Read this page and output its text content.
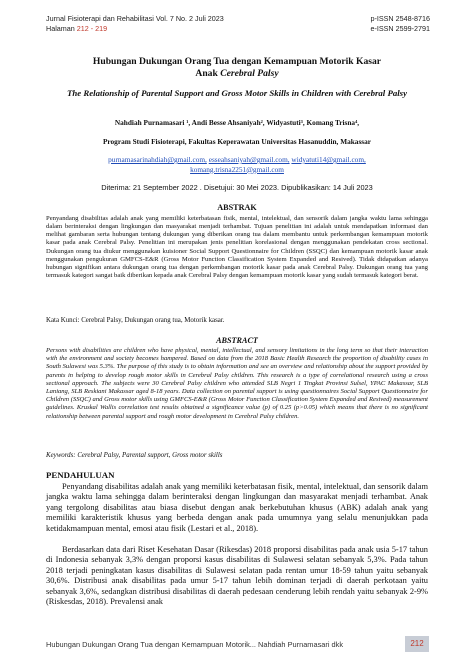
Jurnal Fisioterapi dan Rehabilitasi Vol. 7 No. 2 Juli 2023
Halaman 212 - 219
p-ISSN 2548-8716
e-ISSN 2599-2791
Hubungan Dukungan Orang Tua dengan Kemampuan Motorik Kasar
Anak Cerebral Palsy
The Relationship of Parental Support and Gross Motor Skills in Children with Cerebral Palsy
Nahdiah Purnamasari ¹, Andi Besse Ahsaniyah², Widyastuti³, Komang Trisna⁴,
Program Studi Fisioterapi, Fakultas Keperawatan Universitas Hasanuddin, Makassar
purnamasarinahdiah@gmail.com, esseahsaniyah@gmail.com, widyatuti14@gmail.com,
komang.trisna2251@gmail.com
Diterima: 21 September 2022 . Disetujui: 30 Mei 2023. Dipublikasikan: 14 Juli 2023
ABSTRAK
Penyandang disabilitas adalah anak yang memiliki keterbatasan fisik, mental, intelektual, dan sensorik dalam jangka waktu lama sehingga dalam berinteraksi dengan lingkungan dan masyarakat menjadi terhambat. Tujuan penelitian ini adalah untuk mendapatkan informasi dan melihat gambaran serta hubungan tentang dukungan yang diberikan orang tua dalam membantu untuk perkembangan kemampuan motorik kasar pada anak Cerebral Palsy. Penelitian ini merupakan jenis penelitian korelasional dengan menggunakan pendekatan cross sectional. Dukungan orang tua diukur menggunakan kuisioner Social Support Questionnaire for Children (SSQC) dan kemampuan motorik kasar anak menggunakan pengukuran GMFCS-E&R (Gross Motor Function Classification System Expanded and Resived). Tidak didapatkan adanya hubungan signifikan antara dukungan orang tua dengan perkembangan motorik kasar pada anak Cerebral Palsy. Dukungan orang tua yang termasuk kategori sangat baik diberikan kepada anak Cerebral Palsy dengan kemampuan motorik kasar yang sudah termasuk kategori berat.
Kata Kunci: Cerebral Palsy, Dukungan orang tua, Motorik kasar.
ABSTRACT
Persons with disabilities are children who have physical, mental, intellectual, and sensory limitations in the long term so that their interaction with the environment and society becomes hampered. Based on data from the 2018 Basic Health Research the proportion of disability cases in South Sulawesi was 5.3%. The purpose of this study is to obtain information and see an overview and relationship about the support provided by parents in helping to develop rough motor skills in Cerebral Palsy children. This research is a type of correlational research using a cross sectional approach. The subjects were 30 Cerebral Palsy children who attended SLB Negri 1 Tingkat Provinsi Sulsel, YPAC Makassar, SLB Laniang, SLB Reskiani Makassar aged 8-18 years. Data collection on parental support is using questionnaires Social Support Questionnaire for Children (SSQC) and Gross motor skills using GMFCS-E&R (Gross Motor Function Classification System Expanded and Resived) measurement guidelines. Kruskal Wallis correlation test results obtained a significance value (p) of 0.25 (p>0.05) which means that there is no significant relationship between parental support and rough motor development in Cerebral Palsy children.
Keywords: Cerebral Palsy, Parental support, Gross motor skills
PENDAHULUAN
Penyandang disabilitas adalah anak yang memiliki keterbatasan fisik, mental, intelektual, dan sensorik dalam jangka waktu lama sehingga dalam berinteraksi dengan lingkungan dan masyarakat menjadi terhambat. Anak yang tergolong disabilitas atau biasa disebut dengan anak berkebutuhan khusus (ABK) adalah anak yang memiliki karakteristik khusus yang berbeda dengan anak pada umumnya yang selalu menunjukkan pada ketidakmampuan mental, emosi atau fisik (Lestari et al., 2018).
Berdasarkan data dari Riset Kesehatan Dasar (Rikesdas) 2018 proporsi disabilitas pada anak usia 5-17 tahun di Indonesia sebanyak 3,3% dengan proporsi kasus disabilitas di Sulawesi selatan sebanyak 5,3%. Pada tahun 2018 terjadi peningkatan kasus disabilitas di Sulawesi selatan pada rentan umur 18-59 tahun yaitu sebanyak 30,6%. Distribusi anak disabilitas pada umur 5-17 tahun lebih dominan terjadi di daerah perkotaan yaitu sebanyak 3,6%, sedangkan distribusi disabilitas di daerah pedesaan cenderung lebih rendah yaitu sebanyak 2-9% (Riskesdas, 2018). Prevalensi anak
Hubungan Dukungan Orang Tua dengan Kemampuan Motorik... Nahdiah Purnamasari dkk	212
